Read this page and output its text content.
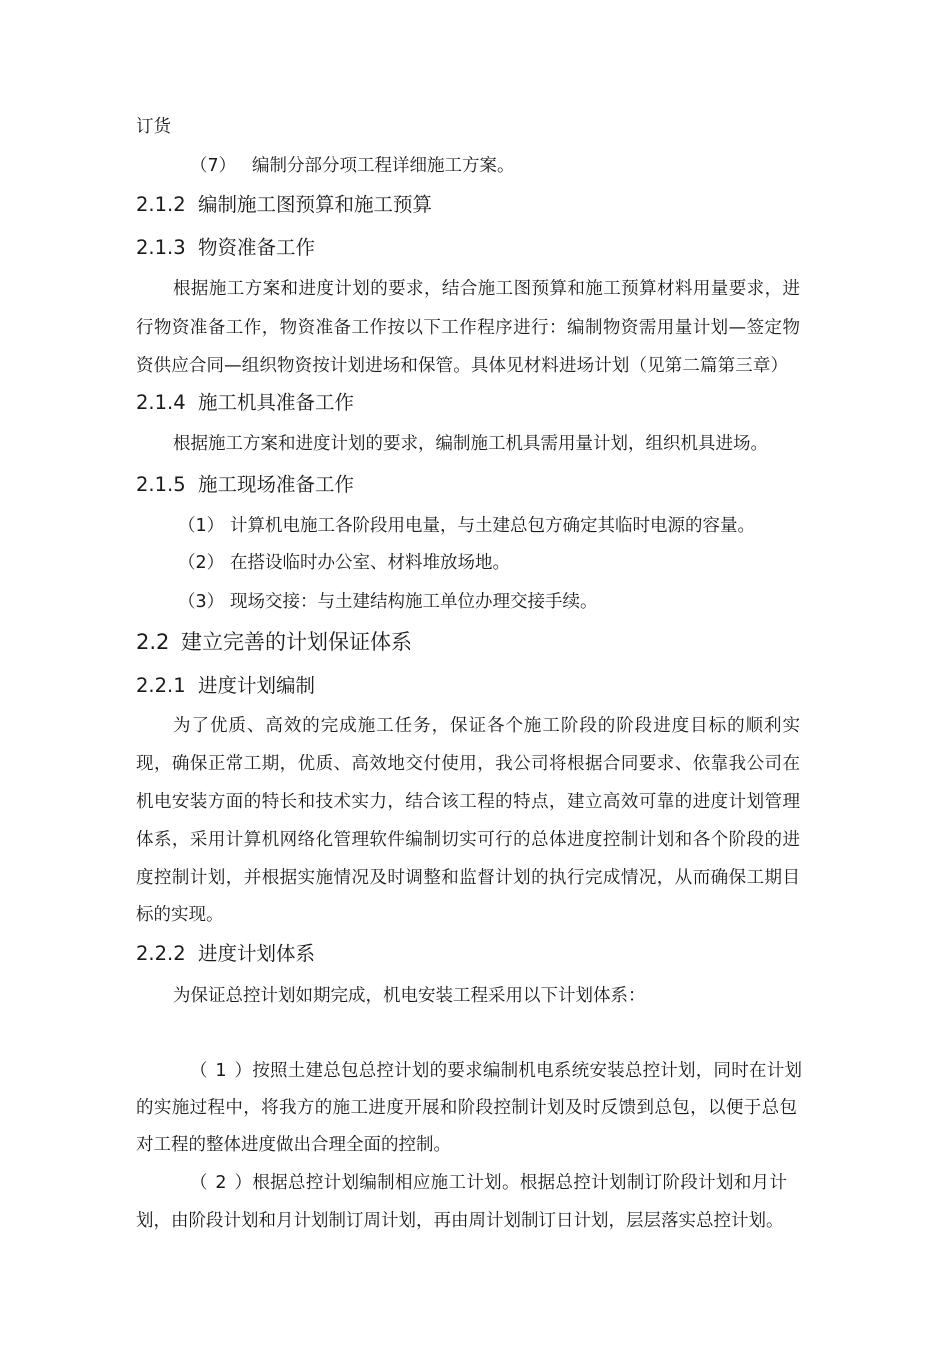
订货
（7） 编制分部分项工程详细施工方案。
2.1.2 编制施工图预算和施工预算
2.1.3 物资准备工作
根据施工方案和进度计划的要求，结合施工图预算和施工预算材料用量要求，进
行物资准备工作，物资准备工作按以下工作程序进行：编制物资需用量计划—签定物
资供应合同—组织物资按计划进场和保管。具体见材料进场计划（见第二篇第三章）
2.1.4 施工机具准备工作
根据施工方案和进度计划的要求，编制施工机具需用量计划，组织机具进场。
2.1.5 施工现场准备工作
（1） 计算机电施工各阶段用电量，与土建总包方确定其临时电源的容量。
（2） 在搭设临时办公室、材料堆放场地。
（3） 现场交接：与土建结构施工单位办理交接手续。
2.2 建立完善的计划保证体系
2.2.1 进度计划编制
为了优质、高效的完成施工任务，保证各个施工阶段的阶段进度目标的顺利实
现，确保正常工期，优质、高效地交付使用，我公司将根据合同要求、依靠我公司在
机电安装方面的特长和技术实力，结合该工程的特点，建立高效可靠的进度计划管理
体系，采用计算机网络化管理软件编制切实可行的总体进度控制计划和各个阶段的进
度控制计划，并根据实施情况及时调整和监督计划的执行完成情况，从而确保工期目
标的实现。
2.2.2 进度计划体系
为保证总控计划如期完成，机电安装工程采用以下计划体系：
（1）按照土建总包总控计划的要求编制机电系统安装总控计划，同时在计划
的实施过程中，将我方的施工进度开展和阶段控制计划及时反馈到总包，以便于总包
对工程的整体进度做出合理全面的控制。
（2）根据总控计划编制相应施工计划。根据总控计划制订阶段计划和月计
划，由阶段计划和月计划制订周计划，再由周计划制订日计划，层层落实总控计划。
